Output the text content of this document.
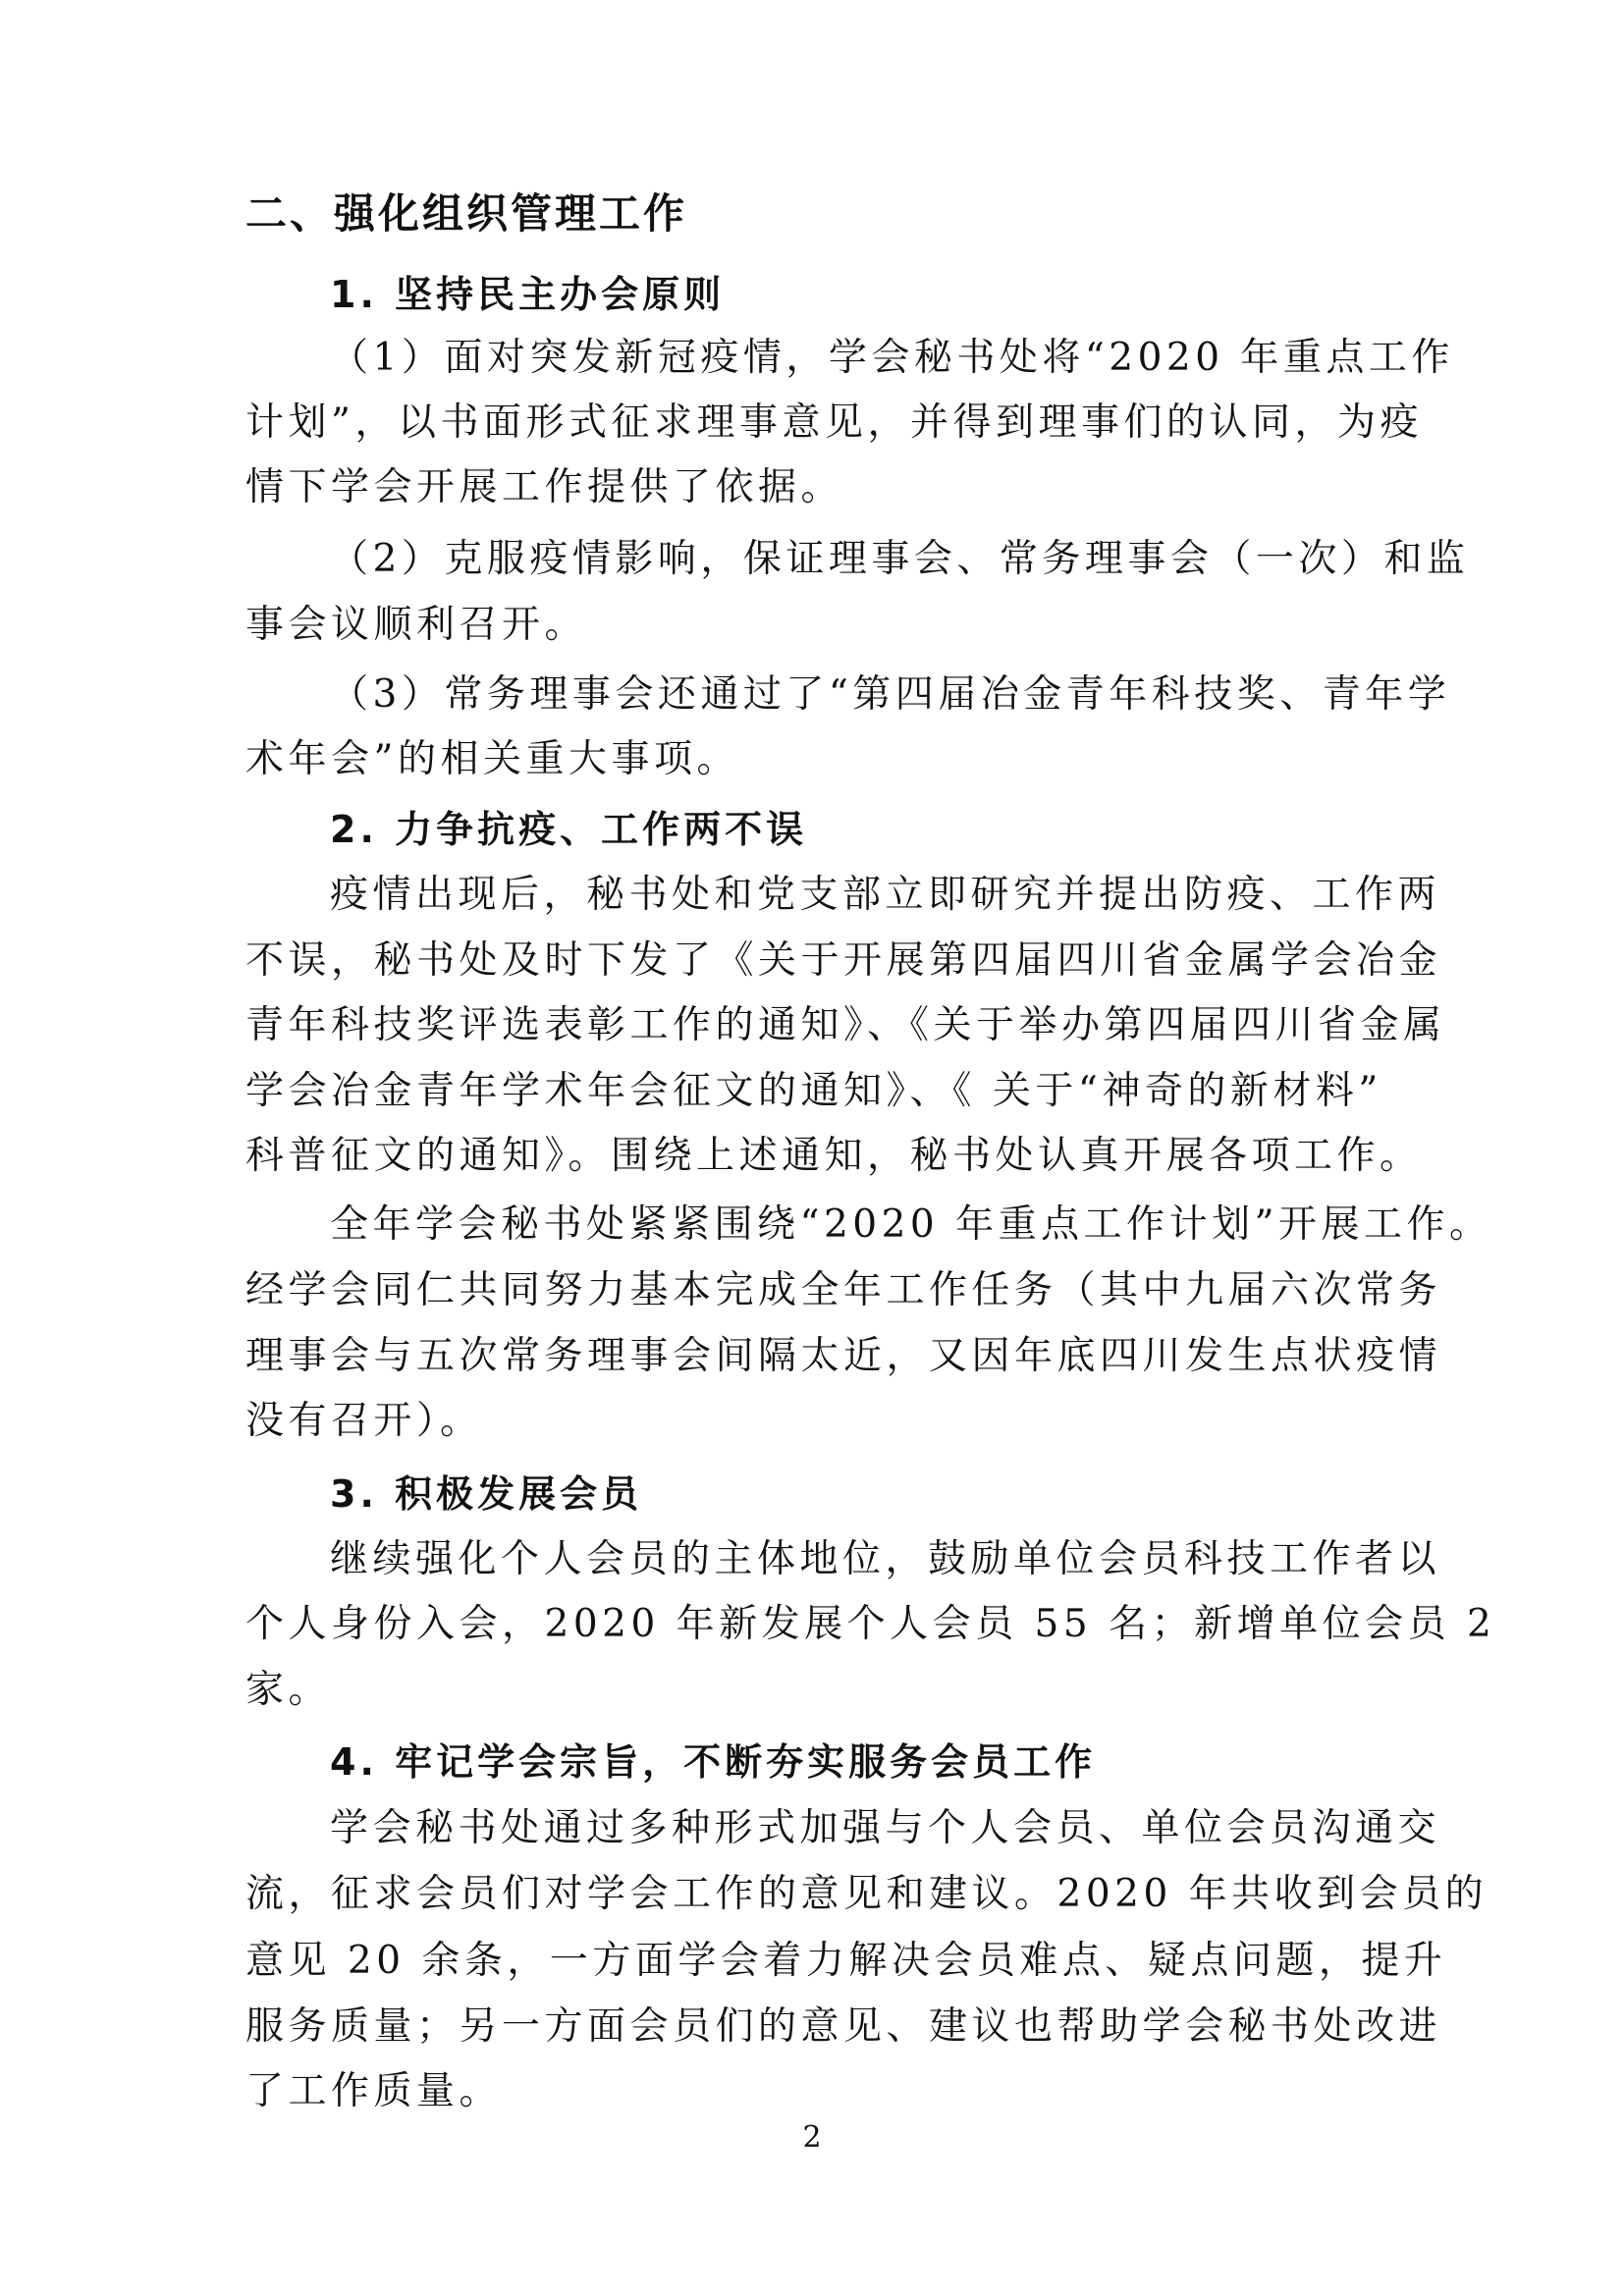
二、强化组织管理工作
1. 坚持民主办会原则
（1）面对突发新冠疫情，学会秘书处将“2020 年重点工作
计划”，以书面形式征求理事意见，并得到理事们的认同，为疫
情下学会开展工作提供了依据。
（2）克服疫情影响，保证理事会、常务理事会（一次）和监
事会议顺利召开。
（3）常务理事会还通过了“第四届冶金青年科技奖、青年学
术年会”的相关重大事项。
2. 力争抗疫、工作两不误
疫情出现后，秘书处和党支部立即研究并提出防疫、工作两
不误，秘书处及时下发了《关于开展第四届四川省金属学会冶金
青年科技奖评选表彰工作的通知》、《关于举办第四届四川省金属
学会冶金青年学术年会征文的通知》、《 关于“神奇的新材料”
科普征文的通知》。围绕上述通知，秘书处认真开展各项工作。
全年学会秘书处紧紧围绕“2020 年重点工作计划”开展工作。
经学会同仁共同努力基本完成全年工作任务（其中九届六次常务
理事会与五次常务理事会间隔太近，又因年底四川发生点状疫情
没有召开）。
3. 积极发展会员
继续强化个人会员的主体地位，鼓励单位会员科技工作者以
个人身份入会，2020 年新发展个人会员 55 名；新增单位会员 2
家。
4. 牢记学会宗旨，不断夯实服务会员工作
学会秘书处通过多种形式加强与个人会员、单位会员沟通交
流，征求会员们对学会工作的意见和建议。2020 年共收到会员的
意见 20 余条，一方面学会着力解决会员难点、疑点问题，提升
服务质量；另一方面会员们的意见、建议也帮助学会秘书处改进
了工作质量。
2
